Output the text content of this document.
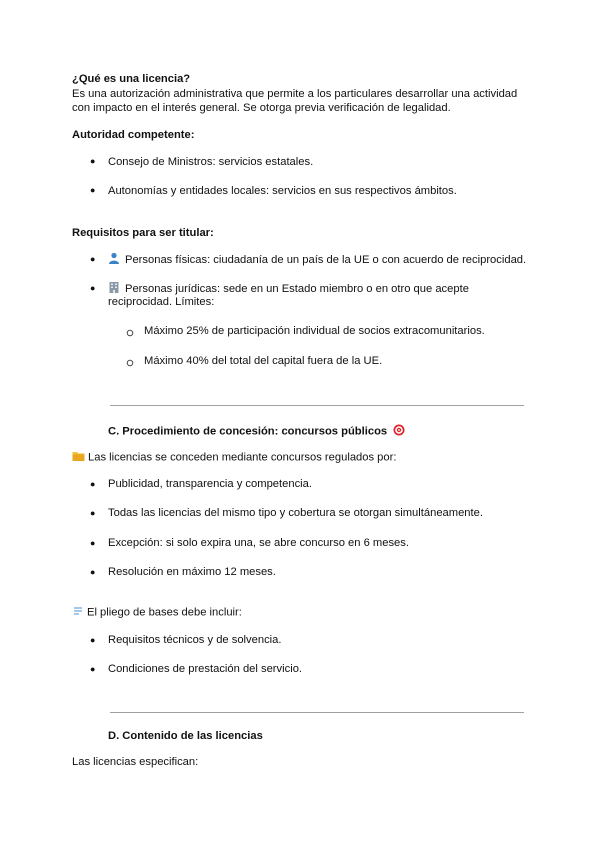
¿Qué es una licencia?
Es una autorización administrativa que permite a los particulares desarrollar una actividad
con impacto en el interés general. Se otorga previa verificación de legalidad.
Autoridad competente:
● Consejo de Ministros: servicios estatales.
● Autonomías y entidades locales: servicios en sus respectivos ámbitos.
Requisitos para ser titular:
●	Personas físicas: ciudadanía de un país de la UE o con acuerdo de reciprocidad.
●	Personas jurídicas: sede en un Estado miembro o en otro que acepte
reciprocidad. Límites:
Máximo 25% de participación individual de socios extracomunitarios.
Máximo 40% del total del capital fuera de la UE.
C. Procedimiento de concesión: concursos públicos
Las licencias se conceden mediante concursos regulados por:
● Publicidad, transparencia y competencia.
● Todas las licencias del mismo tipo y cobertura se otorgan simultáneamente.
● Excepción: si solo expira una, se abre concurso en 6 meses.
● Resolución en máximo 12 meses.
El pliego de bases debe incluir:
● Requisitos técnicos y de solvencia.
● Condiciones de prestación del servicio.
D. Contenido de las licencias
Las licencias especifican:
